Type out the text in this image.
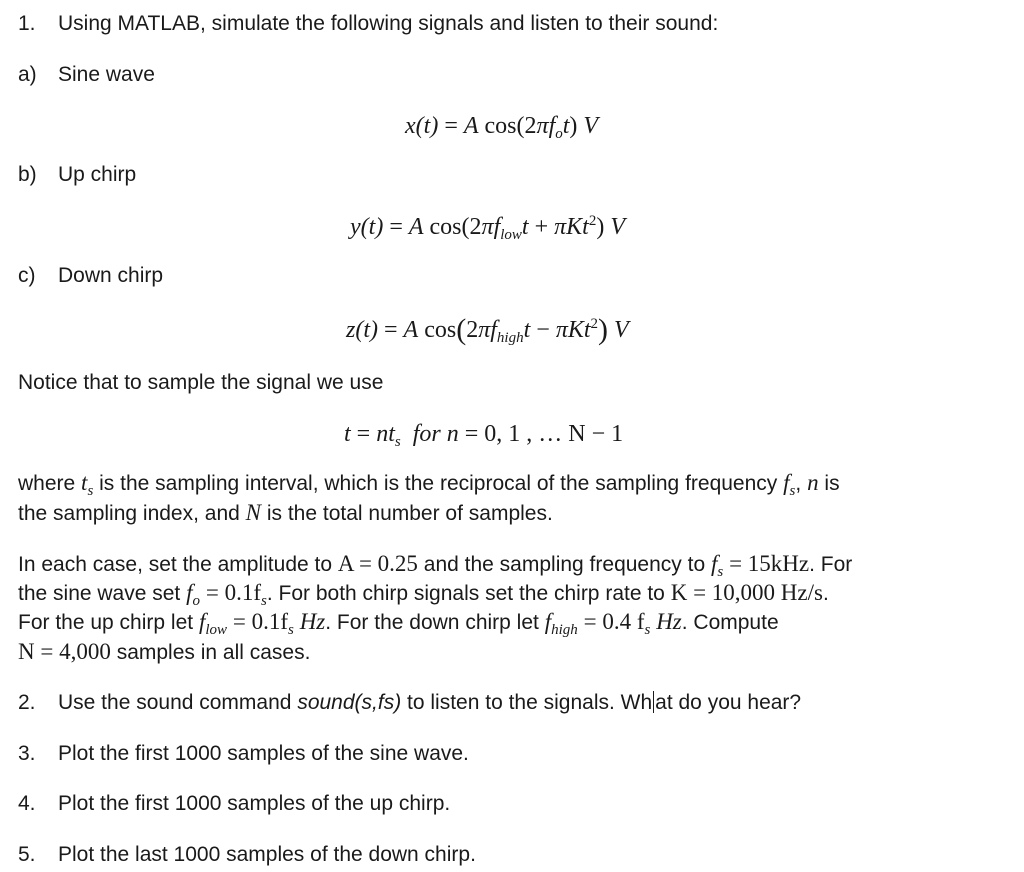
1. Using MATLAB, simulate the following signals and listen to their sound:
a) Sine wave
x(t) = A $\cos(2\pi f_ot)$ V
b) Up chirp
y(t) = A $\cos(2\pi f_{low}t + \pi Kt^2)$ V
c) Down chirp
z(t) = A $\cos(2\pi f_{high}t - \pi Kt^2)$ V
Notice that to sample the signal we use
$t = nt_s$ for n = 0, 1 , … N − 1
where $t_s$ is the sampling interval, which is the reciprocal of the sampling frequency $f_s$, n is
the sampling index, and N is the total number of samples.
In each case, set the amplitude to A = 0.25 and the sampling frequency to $f_s = 15kHz$. For
the sine wave set $f_o = 0.1f_s$. For both chirp signals set the chirp rate to K = 10,000 Hz/s.
For the up chirp let $f_{low} = 0.1f_s$ Hz. For the down chirp let $f_{high} = 0.4$ $f_s$ Hz. Compute
N = 4,000 samples in all cases.
2. Use the sound command sound(s,fs) to listen to the signals. Wh at do you hear?
3. Plot the first 1000 samples of the sine wave.
4. Plot the first 1000 samples of the up chirp.
5. Plot the last 1000 samples of the down chirp.
